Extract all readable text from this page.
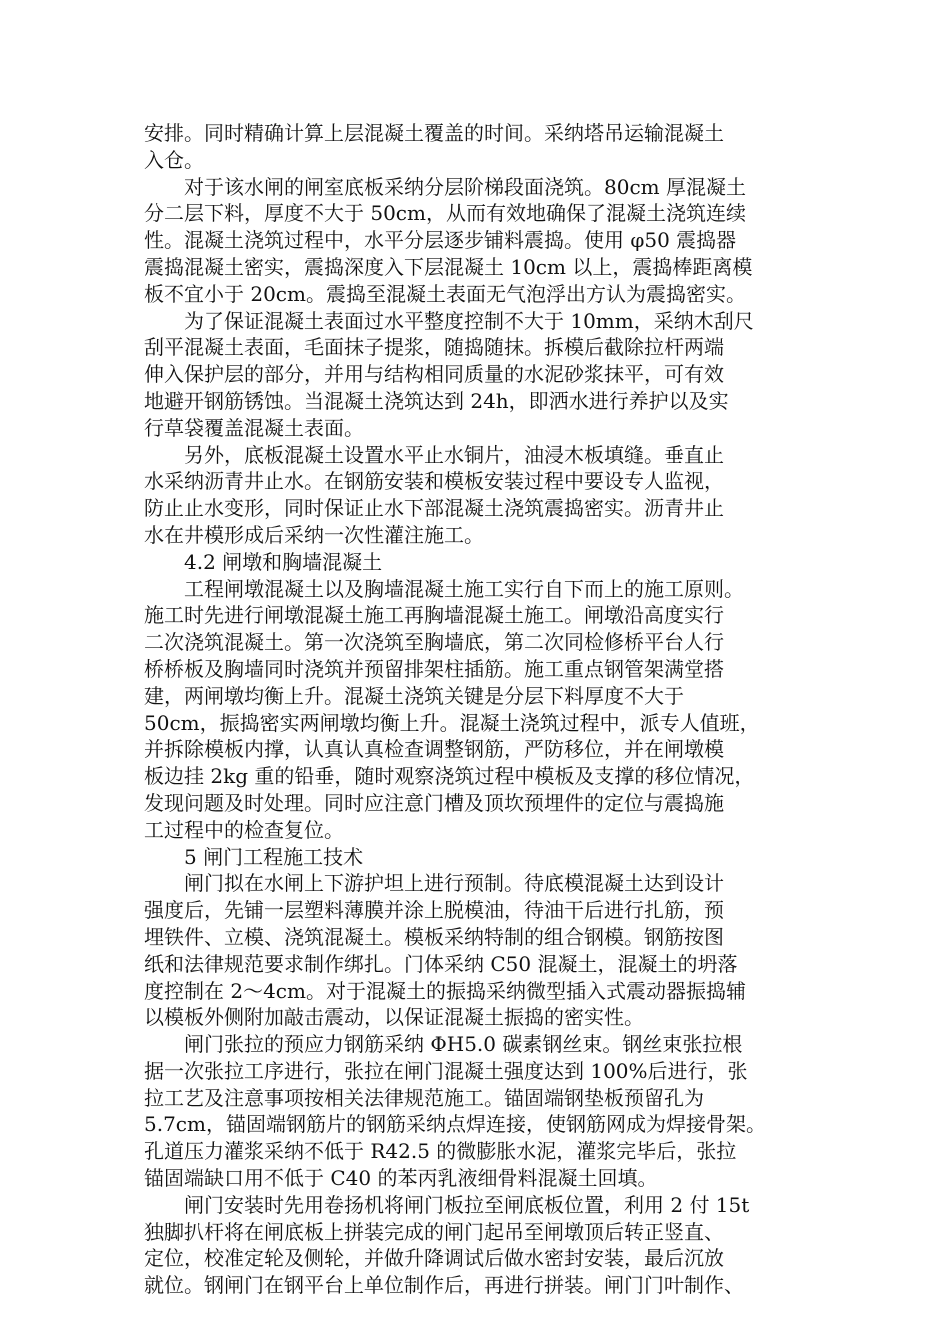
安排。同时精确计算上层混凝土覆盖的时间。采纳塔吊运输混凝土
入仓。
对于该水闸的闸室底板采纳分层阶梯段面浇筑。80cm 厚混凝土
分二层下料，厚度不大于 50cm，从而有效地确保了混凝土浇筑连续
性。混凝土浇筑过程中，水平分层逐步铺料震捣。使用 φ50 震捣器
震捣混凝土密实，震捣深度入下层混凝土 10cm 以上，震捣棒距离模
板不宜小于 20cm。震捣至混凝土表面无气泡浮出方认为震捣密实。
为了保证混凝土表面过水平整度控制不大于 10mm，采纳木刮尺
刮平混凝土表面，毛面抹子提浆，随捣随抹。拆模后截除拉杆两端
伸入保护层的部分，并用与结构相同质量的水泥砂浆抹平，可有效
地避开钢筋锈蚀。当混凝土浇筑达到 24h，即洒水进行养护以及实
行草袋覆盖混凝土表面。
另外，底板混凝土设置水平止水铜片，油浸木板填缝。垂直止
水采纳沥青井止水。在钢筋安装和模板安装过程中要设专人监视，
防止止水变形，同时保证止水下部混凝土浇筑震捣密实。沥青井止
水在井模形成后采纳一次性灌注施工。
4.2 闸墩和胸墙混凝土
工程闸墩混凝土以及胸墙混凝土施工实行自下而上的施工原则。
施工时先进行闸墩混凝土施工再胸墙混凝土施工。闸墩沿高度实行
二次浇筑混凝土。第一次浇筑至胸墙底，第二次同检修桥平台人行
桥桥板及胸墙同时浇筑并预留排架柱插筋。施工重点钢管架满堂搭
建，两闸墩均衡上升。混凝土浇筑关键是分层下料厚度不大于
50cm，振捣密实两闸墩均衡上升。混凝土浇筑过程中，派专人值班，
并拆除模板内撑，认真认真检查调整钢筋，严防移位，并在闸墩模
板边挂 2kg 重的铅垂，随时观察浇筑过程中模板及支撑的移位情况，
发现问题及时处理。同时应注意门槽及顶坎预埋件的定位与震捣施
工过程中的检查复位。
5 闸门工程施工技术
闸门拟在水闸上下游护坦上进行预制。待底模混凝土达到设计
强度后，先铺一层塑料薄膜并涂上脱模油，待油干后进行扎筋，预
埋铁件、立模、浇筑混凝土。模板采纳特制的组合钢模。钢筋按图
纸和法律规范要求制作绑扎。门体采纳 C50 混凝土，混凝土的坍落
度控制在 2～4cm。对于混凝土的振捣采纳微型插入式震动器振捣辅
以模板外侧附加敲击震动，以保证混凝土振捣的密实性。
闸门张拉的预应力钢筋采纳 ΦH5.0 碳素钢丝束。钢丝束张拉根
据一次张拉工序进行，张拉在闸门混凝土强度达到 100%后进行，张
拉工艺及注意事项按相关法律规范施工。锚固端钢垫板预留孔为
5.7cm，锚固端钢筋片的钢筋采纳点焊连接，使钢筋网成为焊接骨架。
孔道压力灌浆采纳不低于 R42.5 的微膨胀水泥，灌浆完毕后，张拉
锚固端缺口用不低于 C40 的苯丙乳液细骨料混凝土回填。
闸门安装时先用卷扬机将闸门板拉至闸底板位置，利用 2 付 15t
独脚扒杆将在闸底板上拼装完成的闸门起吊至闸墩顶后转正竖直、
定位，校准定轮及侧轮，并做升降调试后做水密封安装，最后沉放
就位。钢闸门在钢平台上单位制作后，再进行拼装。闸门门叶制作、
